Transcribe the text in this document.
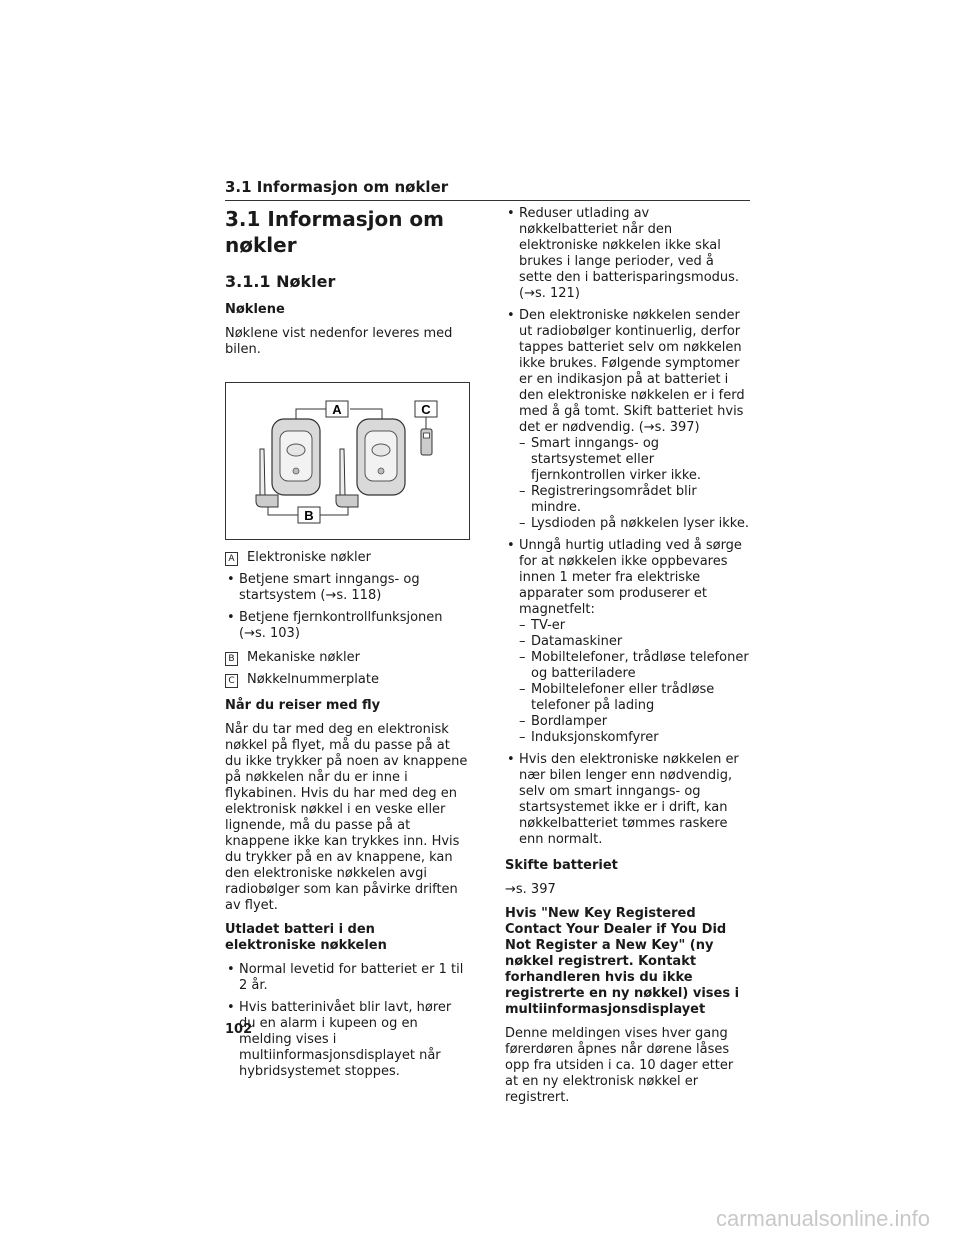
3.1 Informasjon om nøkler
3.1 Informasjon om nøkler
3.1.1 Nøkler
Nøklene

Nøklene vist nedenfor leveres med bilen.

A
B
C
A Elektroniske nøkler
• Betjene smart inngangs- og startsystem (→s. 118)
• Betjene fjernkontrollfunksjonen (→s. 103)
B Mekaniske nøkler
C Nøkkelnummerplate
Når du reiser med fly

Når du tar med deg en elektronisk nøkkel på flyet, må du passe på at du ikke trykker på noen av knappene på nøkkelen når du er inne i flykabinen. Hvis du har med deg en elektronisk nøkkel i en veske eller lignende, må du passe på at knappene ikke kan trykkes inn. Hvis du trykker på en av knappene, kan den elektroniske nøkkelen avgi radiobølger som kan påvirke driften av flyet.

Utladet batteri i den elektroniske nøkkelen
• Normal levetid for batteriet er 1 til 2 år.
• Hvis batterinivået blir lavt, hører du en alarm i kupeen og en melding vises i multiinformasjonsdisplayet når hybridsystemet stoppes.
• Reduser utlading av nøkkelbatteriet når den elektroniske nøkkelen ikke skal brukes i lange perioder, ved å sette den i batterisparingsmodus. (→s. 121)
• Den elektroniske nøkkelen sender ut radiobølger kontinuerlig, derfor tappes batteriet selv om nøkkelen ikke brukes. Følgende symptomer er en indikasjon på at batteriet i den elektroniske nøkkelen er i ferd med å gå tomt. Skift batteriet hvis det er nødvendig. (→s. 397)
– Smart inngangs- og startsystemet eller fjernkontrollen virker ikke.
– Registreringsområdet blir mindre.
– Lysdioden på nøkkelen lyser ikke.
• Unngå hurtig utlading ved å sørge for at nøkkelen ikke oppbevares innen 1 meter fra elektriske apparater som produserer et magnetfelt:
– TV-er
– Datamaskiner
– Mobiltelefoner, trådløse telefoner og batteriladere
– Mobiltelefoner eller trådløse telefoner på lading
– Bordlamper
– Induksjonskomfyrer
• Hvis den elektroniske nøkkelen er nær bilen lenger enn nødvendig, selv om smart inngangs- og startsystemet ikke er i drift, kan nøkkelbatteriet tømmes raskere enn normalt.
Skifte batteriet

→s. 397

Hvis "New Key Registered Contact Your Dealer if You Did Not Register a New Key" (ny nøkkel registrert. Kontakt forhandleren hvis du ikke registrerte en ny nøkkel) vises i multiinformasjonsdisplayet

Denne meldingen vises hver gang førerdøren åpnes når dørene låses opp fra utsiden i ca. 10 dager etter at en ny elektronisk nøkkel er registrert.

102
carmanualsonline.info
